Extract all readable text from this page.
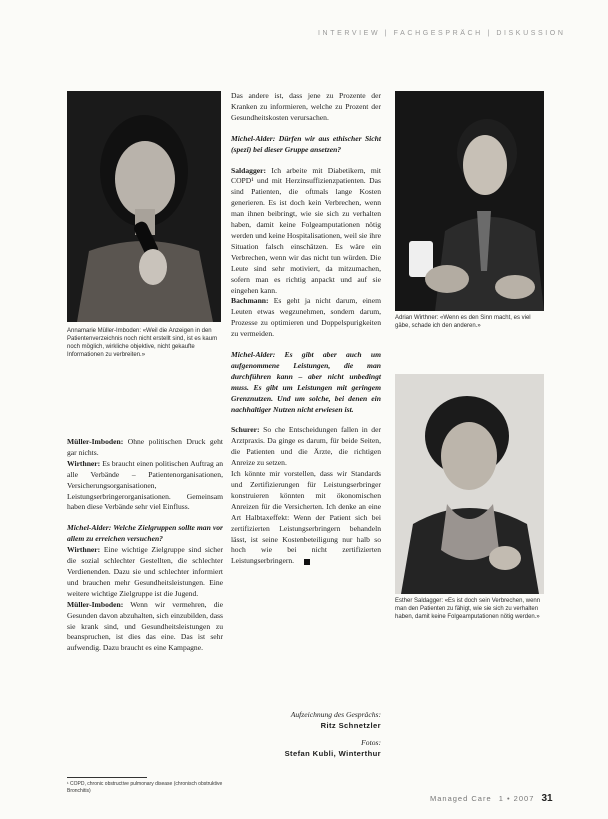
INTERVIEW | FACHGESPRÄCH | DISKUSSION
Annamarie Müller-Imboden: «Weil die Anzeigen in den Patientenverzeichnis noch nicht erstellt sind, ist es kaum noch möglich, wirkliche objektive, nicht gekaufte Informationen zu verbreiten.»
Adrian Wirthner: «Wenn es den Sinn macht, es viel gäbe, schade ich den anderen.»
Esther Saldagger: «Es ist doch sein Verbrechen, wenn man den Patienten zu fähigt, wie sie sich zu verhalten haben, damit keine Folgeamputationen nötig werden.»

Das andere ist, dass jene zu Prozente der Kranken zu informieren, welche zu Prozent der Gesundheitskosten verursachen.

Michel-Alder: Dürfen wir aus ethischer Sicht (spezi) bei dieser Gruppe ansetzen?

Saldagger: Ich arbeite mit Diabetikern, mit COPD¹ und mit Herzinsuffizienzpatienten. Das sind Patienten, die oftmals lange Kosten generieren. Es ist doch kein Verbrechen, wenn man ihnen beibringt, wie sie sich zu verhalten haben, damit keine Folgeamputationen nötig werden und keine Hospitalisationen, weil sie ihre Situation falsch einschätzen. Es wäre ein Verbrechen, wenn wir das nicht tun würden. Die Leute sind sehr motiviert, da mitzumachen, sofern man es richtig anpackt und auf sie eingehen kann.

Bachmann: Es geht ja nicht darum, einem Leuten etwas wegzunehmen, sondern darum, Prozesse zu optimieren und Doppelspurigkeiten zu vermeiden.

Michel-Alder: Es gibt aber auch um aufgenommene Leistungen, die man durchführen kann – aber nicht unbedingt muss. Es gibt um Leistungen mit geringem Grenznutzen. Und um solche, bei denen ein nachhaltiger Nutzen nicht erwiesen ist.

Schurer: So che Entscheidungen fallen in der Arztpraxis. Da ginge es darum, für beide Seiten, die Patienten und die Ärzte, die richtigen Anreize zu setzen.

Ich könnte mir vorstellen, dass wir Standards und Zertifizierungen für Leistungserbringer konstruieren könnten mit ökonomischen Anreizen für die Versicherten. Ich denke an eine Art Halbtaxeffekt: Wenn der Patient sich bei zertifizierten Leistungserbringern behandeln lässt, ist seine Kostenbeteiligung nur halb so hoch wie bei nicht zertifizierten Leistungserbringern.

Müller-Imboden: Ohne politischen Druck geht gar nichts.

Wirthner: Es braucht einen politischen Auftrag an alle Verbände – Patientenorganisationen, Versicherungsorganisationen, Leistungserbringerorganisationen. Gemeinsam haben diese Verbände sehr viel Einfluss.

Michel-Alder: Welche Zielgruppen sollte man vor allem zu erreichen versuchen?

Wirthner: Eine wichtige Zielgruppe sind sicher die sozial schlechter Gestellten, die schlechter Verdienenden. Dazu sie und schlechter informiert und brauchen mehr Gesundheitsleistungen. Eine weitere wichtige Zielgruppe ist die Jugend.

Müller-Imboden: Wenn wir vermehren, die Gesunden davon abzuhalten, sich einzubilden, dass sie krank sind, und Gesundheitsleistungen zu beanspruchen, ist dies das eine. Das ist sehr aufwendig. Dazu braucht es eine Kampagne.

¹ COPD, chronic obstructive pulmonary disease (chronisch obstruktive Bronchitis)
Aufzeichnung des Gesprächs:
Ritz Schnetzler
Fotos:
Stefan Kubli, Winterthur
Managed Care 1 • 2007 31
